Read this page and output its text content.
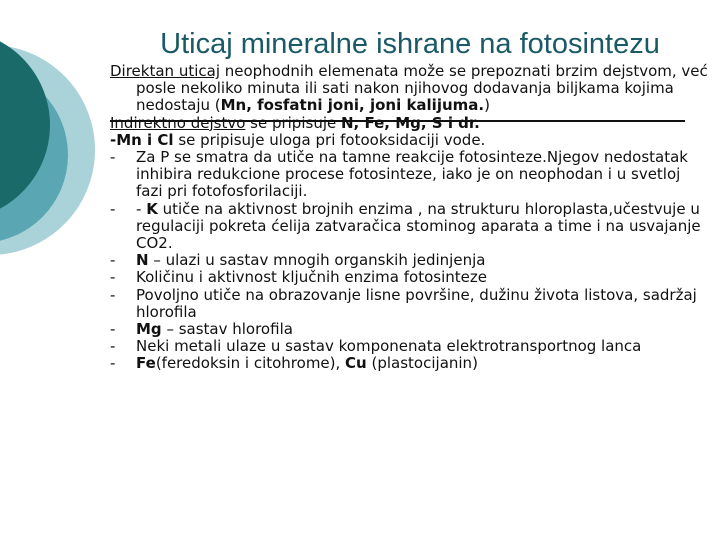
Uticaj mineralne ishrane na fotosintezu
Direktan uticaj neophodnih elemenata može se prepoznati brzim dejstvom, već posle nekoliko minuta ili sati nakon njihovog dodavanja biljkama kojima nedostaju (Mn, fosfatni joni, joni kalijuma.)
Indirektno dejstvo se pripisuje N, Fe, Mg, S i dr.
-Mn i Cl se pripisuje uloga pri fotooksidaciji vode.
- Za P se smatra da utiče na tamne reakcije fotosinteze.Njegov nedostatak inhibira redukcione procese fotosinteze, iako je on neophodan i u svetloj fazi pri fotofosforilaciji.
- - K utiče na aktivnost brojnih enzima , na strukturu hloroplasta,učestvuje u regulaciji pokreta ćelija zatvaračica stominog aparata a time i na usvajanje CO2.
- N – ulazi u sastav mnogih organskih jedinjenja
- Količinu i aktivnost ključnih enzima fotosinteze
- Povoljno utiče na obrazovanje lisne površine, dužinu života listova, sadržaj hlorofila
- Mg – sastav hlorofila
- Neki metali ulaze u sastav komponenata elektrotransportnog lanca
- Fe(feredoksin i citohrome), Cu (plastocijanin)
